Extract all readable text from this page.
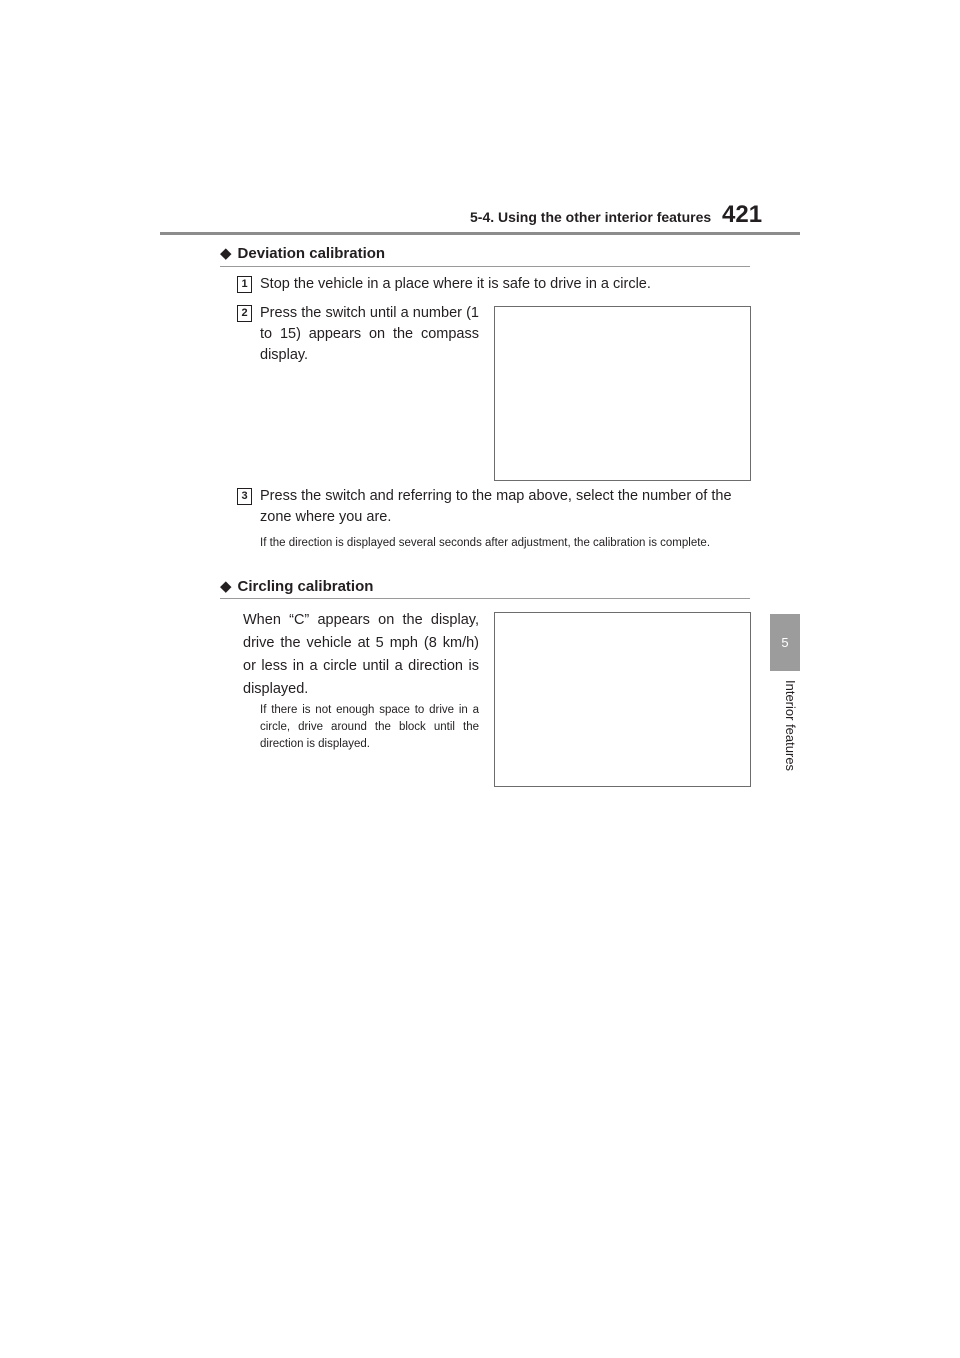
5-4. Using the other interior features 421
5
Interior features
◆ Deviation calibration
1 Stop the vehicle in a place where it is safe to drive in a circle.
2 Press the switch until a number (1 to 15) appears on the compass display.
3 Press the switch and referring to the map above, select the number of the zone where you are.
If the direction is displayed several seconds after adjustment, the calibration is complete.
◆ Circling calibration
When “C” appears on the display, drive the vehicle at 5 mph (8 km/h) or less in a circle until a direction is displayed.
If there is not enough space to drive in a circle, drive around the block until the direction is displayed.
